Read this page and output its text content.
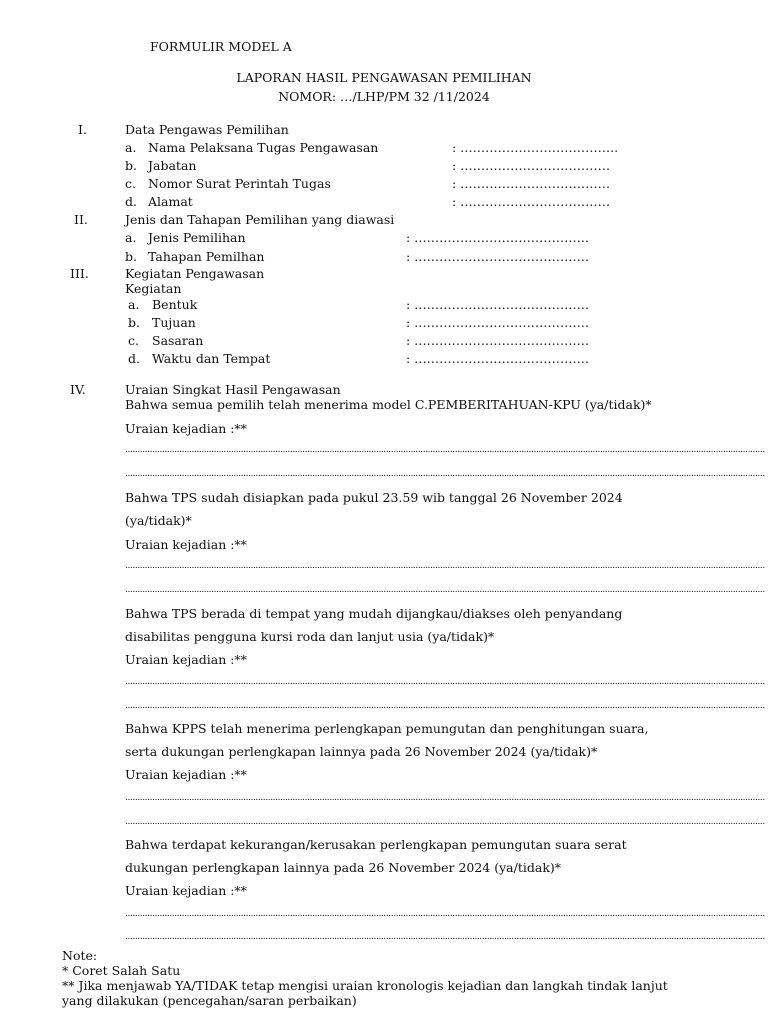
FORMULIR MODEL A
LAPORAN HASIL PENGAWASAN PEMILIHAN
NOMOR: …/LHP/PM 32 /11/2024
I.	Data Pengawas Pemilihan
a. Nama Pelaksana Tugas Pengawasan	: ………………………………..
b. Jabatan	: ………………………………
c. Nomor Surat Perintah Tugas	: ………………………………
d. Alamat	: ………………………………
II.	Jenis dan Tahapan Pemilihan yang diawasi
a. Jenis Pemilihan	: ……………………………………
b. Tahapan Pemilhan	: ……………………………………
III.	Kegiatan Pengawasan
Kegiatan
a. Bentuk	: ……………………………………
b. Tujuan	: ……………………………………
c. Sasaran	: ……………………………………
d. Waktu dan Tempat	: ……………………………………
IV.	Uraian Singkat Hasil Pengawasan
Bahwa semua pemilih telah menerima model C.PEMBERITAHUAN-KPU (ya/tidak)*
Uraian kejadian :**
....................................................................................................................................................................................................................................................................
....................................................................................................................................................................................................................................................................
Bahwa TPS sudah disiapkan pada pukul 23.59 wib tanggal 26 November 2024
(ya/tidak)*
Uraian kejadian :**
....................................................................................................................................................................................................................................................................
....................................................................................................................................................................................................................................................................
Bahwa TPS berada di tempat yang mudah dijangkau/diakses oleh penyandang
disabilitas pengguna kursi roda dan lanjut usia (ya/tidak)*
Uraian kejadian :**
....................................................................................................................................................................................................................................................................
....................................................................................................................................................................................................................................................................
Bahwa KPPS telah menerima perlengkapan pemungutan dan penghitungan suara,
serta dukungan perlengkapan lainnya pada 26 November 2024 (ya/tidak)*
Uraian kejadian :**
....................................................................................................................................................................................................................................................................
....................................................................................................................................................................................................................................................................
Bahwa terdapat kekurangan/kerusakan perlengkapan pemungutan suara serat
dukungan perlengkapan lainnya pada 26 November 2024 (ya/tidak)*
Uraian kejadian :**
....................................................................................................................................................................................................................................................................
....................................................................................................................................................................................................................................................................
Note:
* Coret Salah Satu
** Jika menjawab YA/TIDAK tetap mengisi uraian kronologis kejadian dan langkah tindak lanjut
yang dilakukan (pencegahan/saran perbaikan)
